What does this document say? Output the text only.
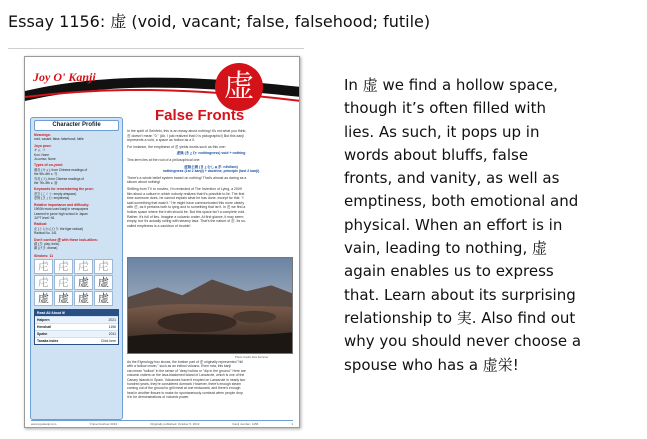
Essay 1156: 虚 (void, vacant; false, falsehood; futile)
Joy O' Kanji	虚
Character Profile
Meanings:
void, vacant; false, falsehood; futile
Joyo pron:
キョ, コ
Kun: None
Jo-umso: None
Types of on-yomi:
漢音 (キョ), from Chinese readings of
the 5th–6th c. 呉
呉音 (コ), from Chinese readings of
the 7th–9th c. 唐
Keywords for remembering the pron:
虚空 (こくう: empty airspace)
虚無 (きょむ: emptiness)
Relative importance and difficulty:
1900th most used kanji in newspapers
Learned in junior high school in Japan
JLPT level: N1
Radical:
虍 (とらかんむり: the tiger radical)
Radical No. 141
Don't confuse 虚 with these look-alikes:
戯 (ぎ: play, frolic)
劇 (げき: drama)
Strokes: 11
虍 虍 虍 虍
虍 虍 虚 虚
虚 虚 虚 虚
Read All About It!
Halpern	2021
Henshall	1156
Spahn	2011
Tanaka Index	Click here
False Fronts
In the spirit of Seinfeld, this is an essay about nothing! It's not what you think;
虚 doesn't mean "0." (Ah, I just realized that 0 is pictographic!) But this kanji
represents a void, a space as hollow as a 0.
For instance, the emptiness of 虚 yields words such as this one:
虚無 (きょむ: nothingness) void + nothing
This term lies at the root of a philosophical one:
虚無主義 (きょむしゅぎ: nihilism)
nothingness (1st 2 kanji) + doctrine, principle (last 2 kanji)
There's a whole belief system based on nothing! That's almost as daring as a
sitcom about nothing!
Shifting from TV to movies, I'm reminded of The Invention of Lying, a 2009
film about a culture in which nobody realizes that it's possible to lie. The first
time someone does, he cannot explain what he has done, except for this: "I
said something that wasn't." He might have communicated this more clearly
with 虚, as it pertains both to lying and to something that isn't. In 虚 we find a
hollow space where the truth should be. But this space isn't a complete void.
Rather, it's full of lies. Imagine a volcanic crater. At first glance, it may seem
empty, but it's actually roiling with steamy lava. That's the nature of 虚. Its so-
called emptiness is a cauldron of trouble!
Photo Credit: Eva Kummer
As the Etymology box shows, the bottom part of 虚 originally represented "hill
with a hollow crown," such as an extinct volcano. Even now, this kanji
can mean "hollow" in the sense of "deep hollow or "dip in the ground." Here are
volcanic craters on the lava-blackened island of Lanzarote, which is one of the
Canary Islands in Spain. Volcanoes haven't erupted on Lanzarote in nearly two
hundred years, they're considered dormant. However, there's enough steam
coming out of the ground to grill meat at one restaurant, and there's enough
heat in another fissure to make for spontaneously combust when people drop
it in for demonstrations of volcanic power.
www.joyokanji.com	© Eve Kushner 2013	Originally published: October 5, 2013	Kanji number: 1156	1
In 虚 we find a hollow space,
though it’s often filled with
lies. As such, it pops up in
words about bluffs, false
fronts, and vanity, as well as
emptiness, both emotional and
physical. When an effort is in
vain, leading to nothing, 虚
again enables us to express
that. Learn about its surprising
relationship to 実. Also find out
why you should never choose a
spouse who has a 虚栄!
